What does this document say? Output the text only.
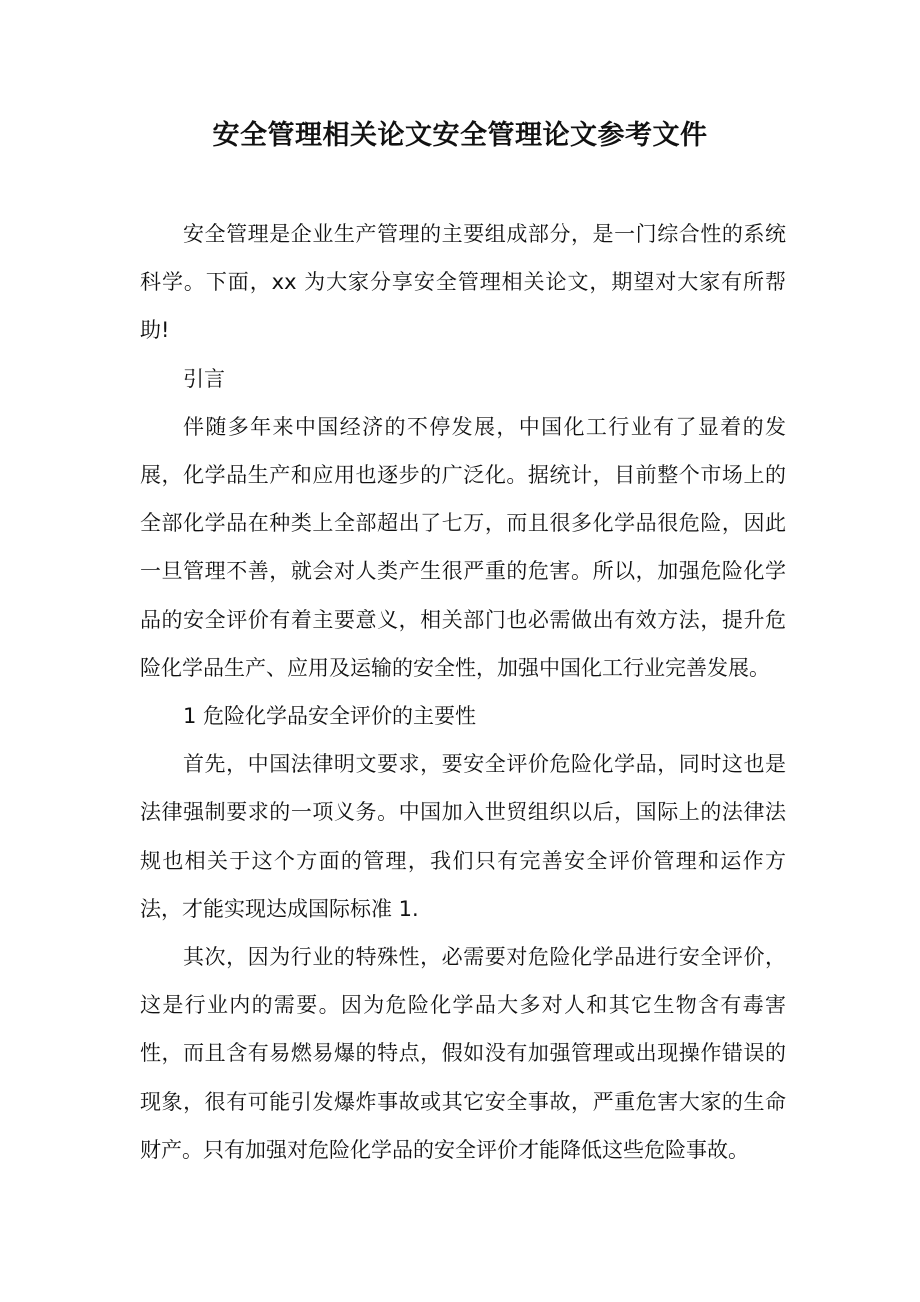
安全管理相关论文安全管理论文参考文件

安全管理是企业生产管理的主要组成部分，是一门综合性的系统科学。下面，xx 为大家分享安全管理相关论文，期望对大家有所帮助!

引言

伴随多年来中国经济的不停发展，中国化工行业有了显着的发展，化学品生产和应用也逐步的广泛化。据统计，目前整个市场上的全部化学品在种类上全部超出了七万，而且很多化学品很危险，因此一旦管理不善，就会对人类产生很严重的危害。所以，加强危险化学品的安全评价有着主要意义，相关部门也必需做出有效方法，提升危险化学品生产、应用及运输的安全性，加强中国化工行业完善发展。

1 危险化学品安全评价的主要性

首先，中国法律明文要求，要安全评价危险化学品，同时这也是法律强制要求的一项义务。中国加入世贸组织以后，国际上的法律法规也相关于这个方面的管理，我们只有完善安全评价管理和运作方法，才能实现达成国际标准 1.

其次，因为行业的特殊性，必需要对危险化学品进行安全评价，这是行业内的需要。因为危险化学品大多对人和其它生物含有毒害性，而且含有易燃易爆的特点，假如没有加强管理或出现操作错误的现象，很有可能引发爆炸事故或其它安全事故，严重危害大家的生命财产。只有加强对危险化学品的安全评价才能降低这些危险事故。
